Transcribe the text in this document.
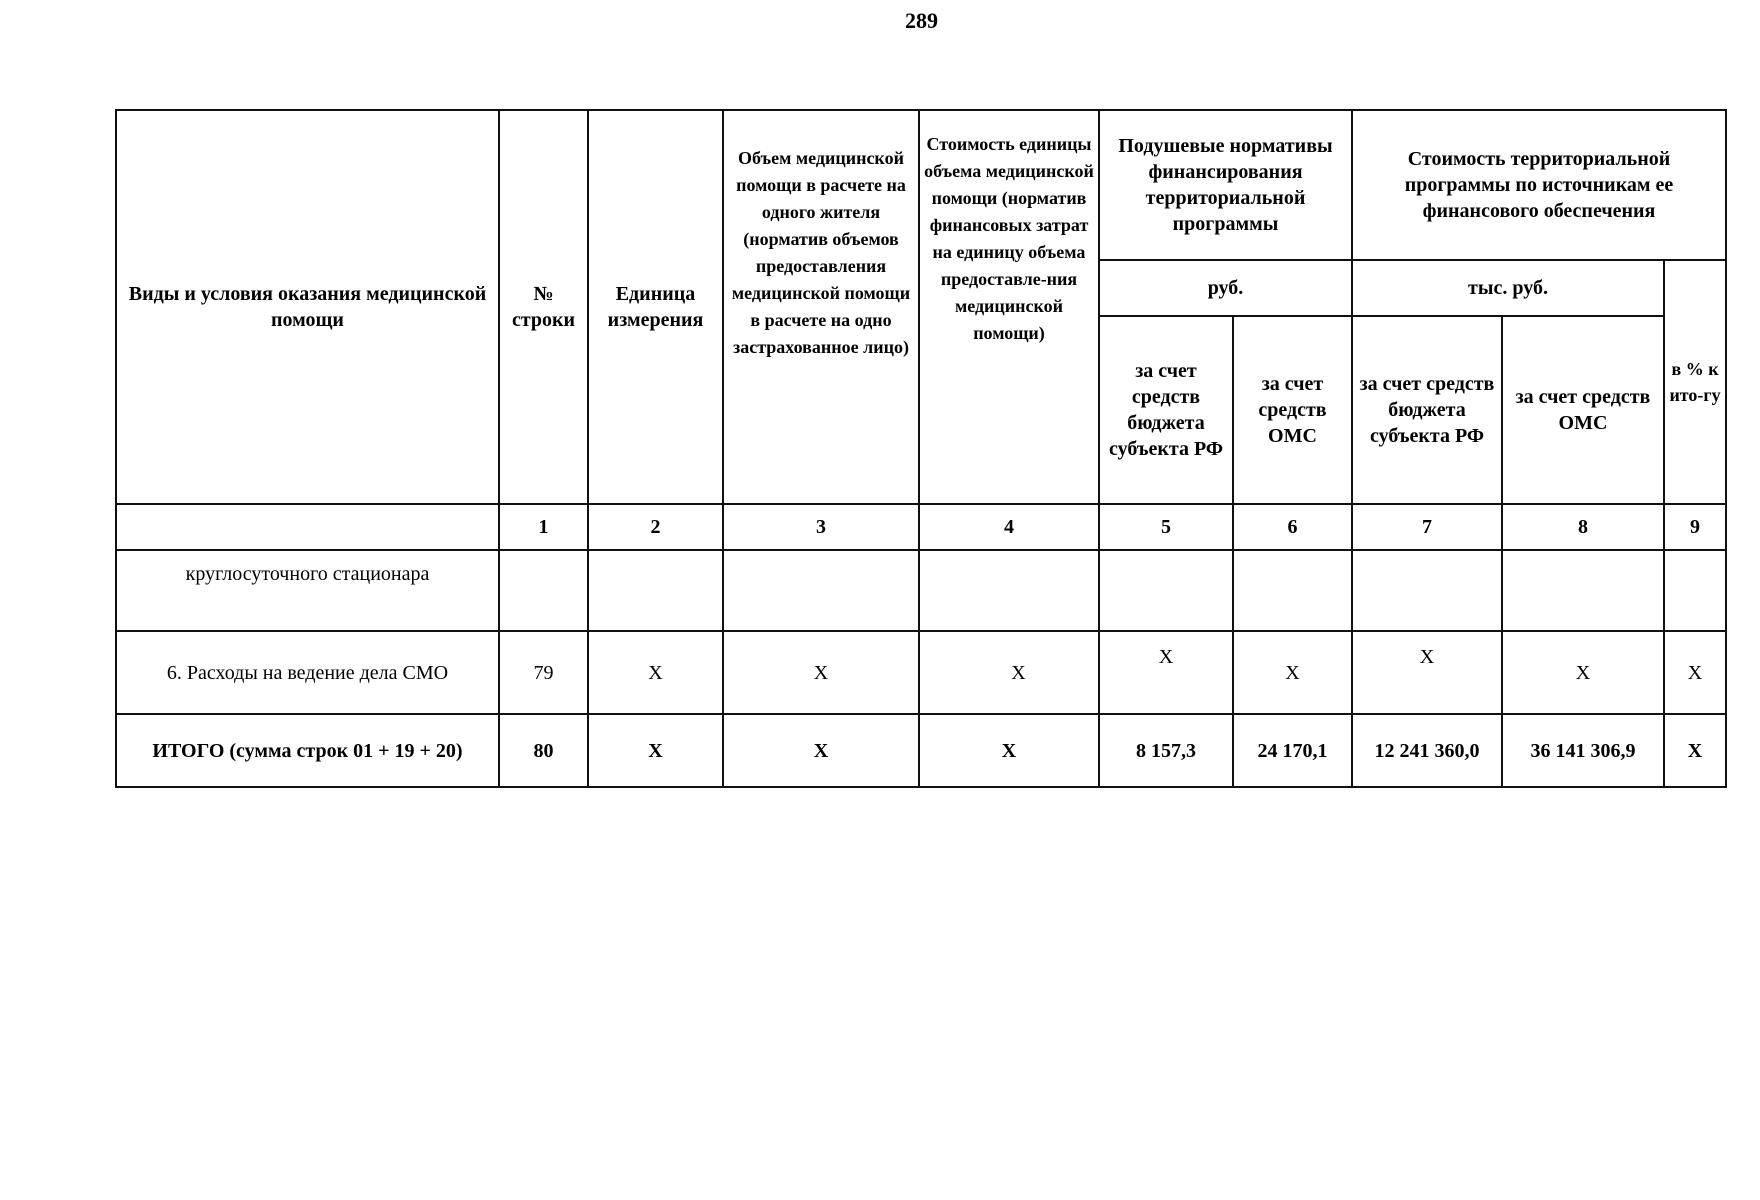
289
Виды и условия оказания медицинской помощи	№ строки	Единица измерения	Объем медицинской помощи в расчете на одного жителя (норматив объемов предоставления медицинской помощи в расчете на одно застрахованное лицо)	Стоимость единицы объема медицинской помощи (норматив финансовых затрат на единицу объема предоставле-ния медицинской помощи)	Подушевые нормативы финансирования территориальной программы		Стоимость территориальной программы по источникам ее финансового обеспечения		
					руб.		тыс. руб.		в % к ито-гу
					за счет средств бюджета субъекта РФ	за счет средств ОМС	за счет средств бюджета субъекта РФ	за счет средств ОМС	
	1	2	3	4	5	6	7	8	9
круглосуточного стационара									
6. Расходы на ведение дела СМО	79	X	X	X	X	X	X	X	X
ИТОГО (сумма строк 01 + 19 + 20)	80	X	X	X	8 157,3	24 170,1	12 241 360,0	36 141 306,9	X
